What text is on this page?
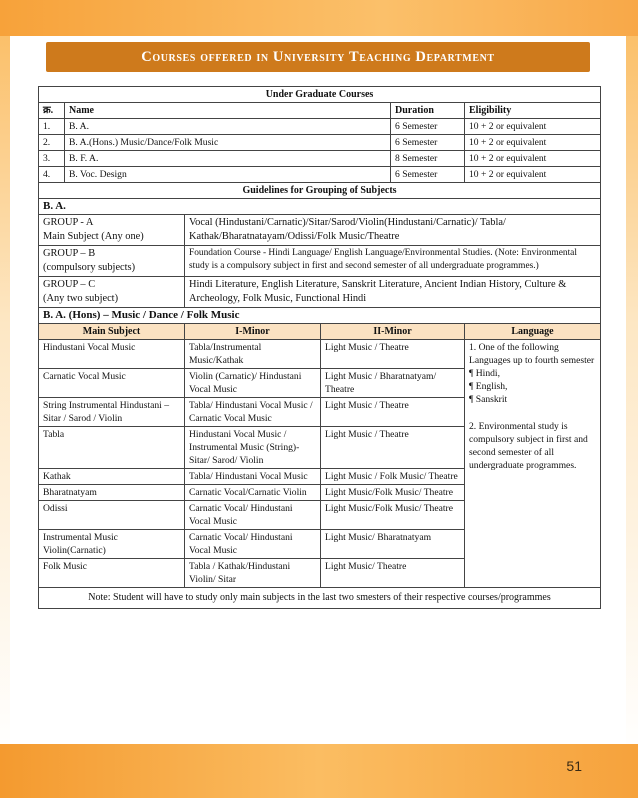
51
Courses offered in University Teaching Department
Under Graduate Courses					
क्र.	Name			Duration	Eligibility
1.	B. A.			6 Semester	10 + 2 or equivalent
2.	B. A.(Hons.) Music/Dance/Folk Music			6 Semester	10 + 2 or equivalent
3.	B. F. A.			8 Semester	10 + 2 or equivalent
4.	B. Voc. Design			6 Semester	10 + 2 or equivalent
Guidelines for Grouping of Subjects					
B. A.					

GROUP - A
Main Subject (Any one)		Vocal (Hindustani/Carnatic)/Sitar/Sarod/Violin(Hindustani/Carnatic)/ Tabla/ Kathak/Bharatnatayam/Odissi/Folk Music/Theatre			

GROUP – B
(compulsory subjects)		Foundation Course - Hindi Language/ English Language/Environmental Studies. (Note: Environmental study is a compulsory subject in first and second semester of all undergraduate programmes.)			

GROUP – C
(Any two subject)		Hindi Literature, English Literature, Sanskrit Literature, Ancient Indian History, Culture & Archeology, Folk Music, Functional Hindi			
B. A. (Hons) – Music / Dance / Folk Music					
Main Subject		I-Minor	II-Minor		Language
Hindustani Vocal Music		Tabla/Instrumental Music/Kathak	Light Music / Theatre		1. One of the following Languages up to fourth semester
¶ Hindi,
¶ English,
¶ Sanskrit
2. Environmental study is compulsory subject in first and second semester of all undergraduate programmes.

Carnatic Vocal Music		Violin (Carnatic)/ Hindustani Vocal Music	Light Music / Bharatnatyam/ Theatre		
String Instrumental Hindustani – Sitar / Sarod / Violin		Tabla/ Hindustani Vocal Music / Carnatic Vocal Music	Light Music / Theatre		
Tabla		Hindustani Vocal Music / Instrumental Music (String)-Sitar/ Sarod/ Violin	Light Music / Theatre		
Kathak		Tabla/ Hindustani Vocal Music	Light Music / Folk Music/ Theatre		
Bharatnatyam		Carnatic Vocal/Carnatic Violin	Light Music/Folk Music/ Theatre		
Odissi		Carnatic Vocal/ Hindustani Vocal Music	Light Music/Folk Music/ Theatre		
Instrumental Music Violin(Carnatic)		Carnatic Vocal/ Hindustani Vocal Music	Light Music/ Bharatnatyam		
Folk Music		Tabla / Kathak/Hindustani Violin/ Sitar	Light Music/ Theatre		
Note: Student will have to study only main subjects in the last two smesters of their respective courses/programmes					
